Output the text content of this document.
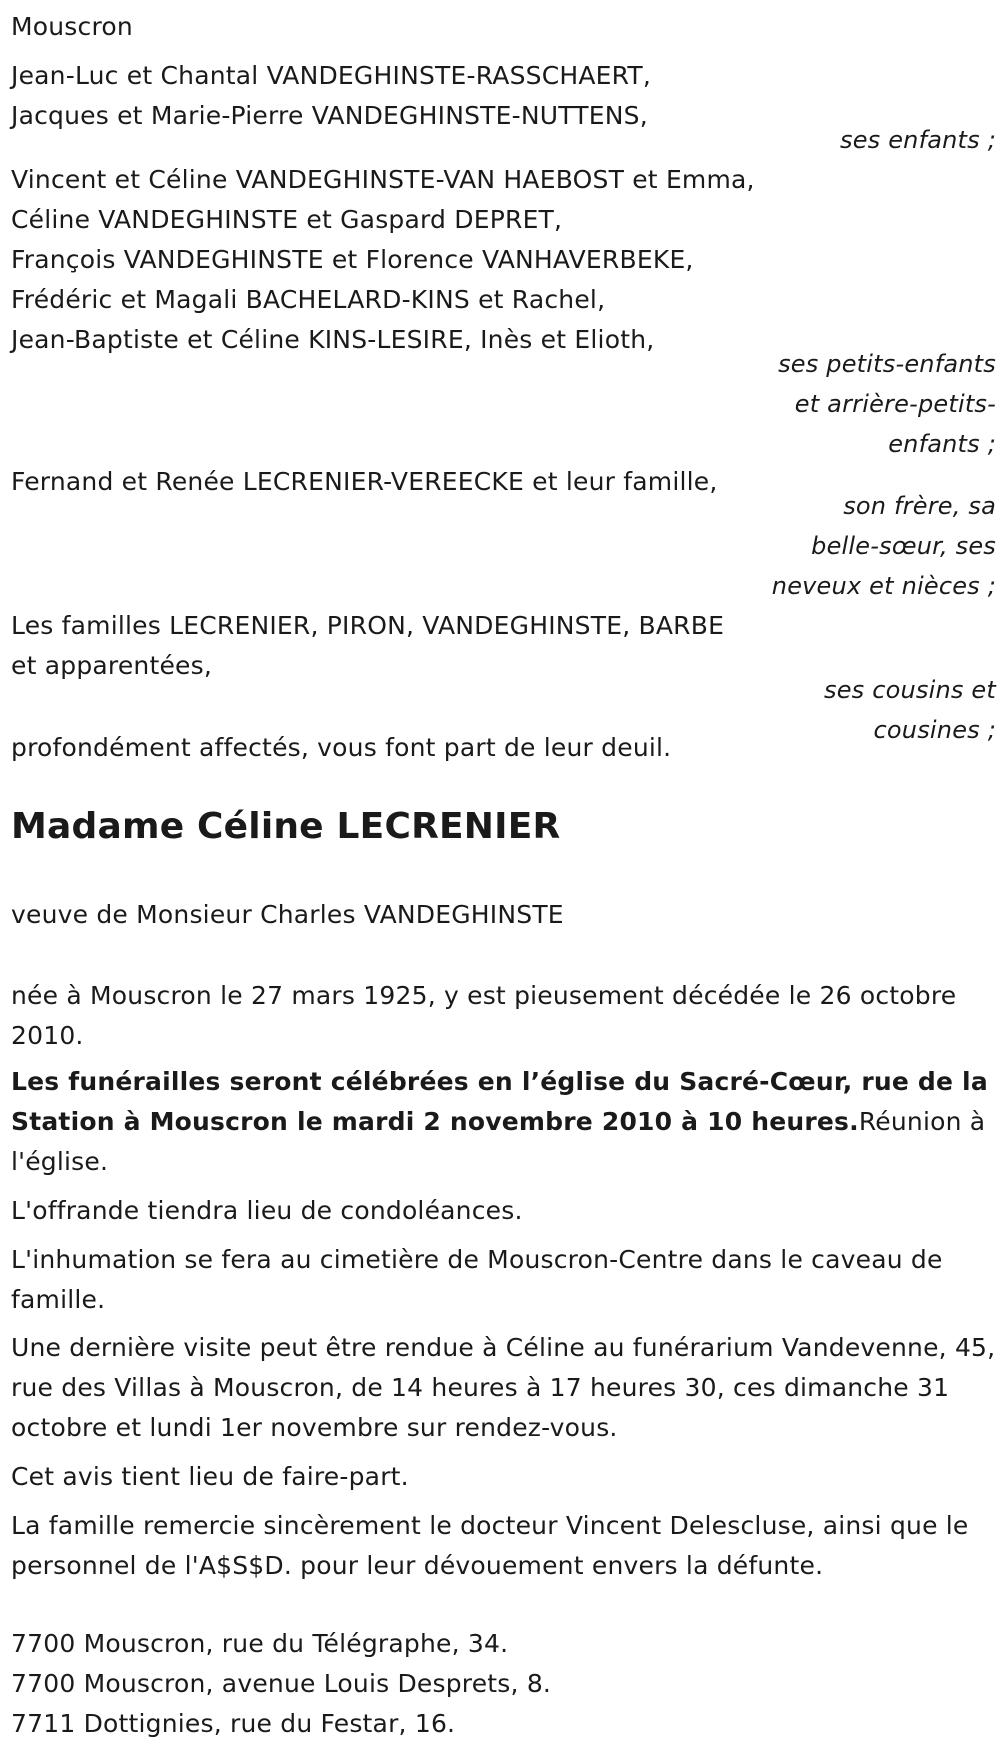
Mouscron
Jean-Luc et Chantal VANDEGHINSTE-RASSCHAERT,
Jacques et Marie-Pierre VANDEGHINSTE-NUTTENS,
ses enfants ;
Vincent et Céline VANDEGHINSTE-VAN HAEBOST et Emma,
Céline VANDEGHINSTE et Gaspard DEPRET,
François VANDEGHINSTE et Florence VANHAVERBEKE,
Frédéric et Magali BACHELARD-KINS et Rachel,
Jean-Baptiste et Céline KINS-LESIRE, Inès et Elioth,
ses petits-enfants
et arrière-petits-
enfants ;
Fernand et Renée LECRENIER-VEREECKE et leur famille,
son frère, sa
belle-sœur, ses
neveux et nièces ;
Les familles LECRENIER, PIRON, VANDEGHINSTE, BARBE
et apparentées,
ses cousins et
cousines ;
profondément affectés, vous font part de leur deuil.
Madame Céline LECRENIER
veuve de Monsieur Charles VANDEGHINSTE
née à Mouscron le 27 mars 1925, y est pieusement décédée le 26 octobre 2010.
Les funérailles seront célébrées en l’église du Sacré-Cœur, rue de la Station à Mouscron le mardi 2 novembre 2010 à 10 heures.Réunion à l'église.
L'offrande tiendra lieu de condoléances.
L'inhumation se fera au cimetière de Mouscron-Centre dans le caveau de famille.
Une dernière visite peut être rendue à Céline au funérarium Vandevenne, 45, rue des Villas à Mouscron, de 14 heures à 17 heures 30, ces dimanche 31 octobre et lundi 1er novembre sur rendez-vous.
Cet avis tient lieu de faire-part.
La famille remercie sincèrement le docteur Vincent Delescluse, ainsi que le personnel de l'A$S$D. pour leur dévouement envers la défunte.
7700 Mouscron, rue du Télégraphe, 34.
7700 Mouscron, avenue Louis Desprets, 8.
7711 Dottignies, rue du Festar, 16.
